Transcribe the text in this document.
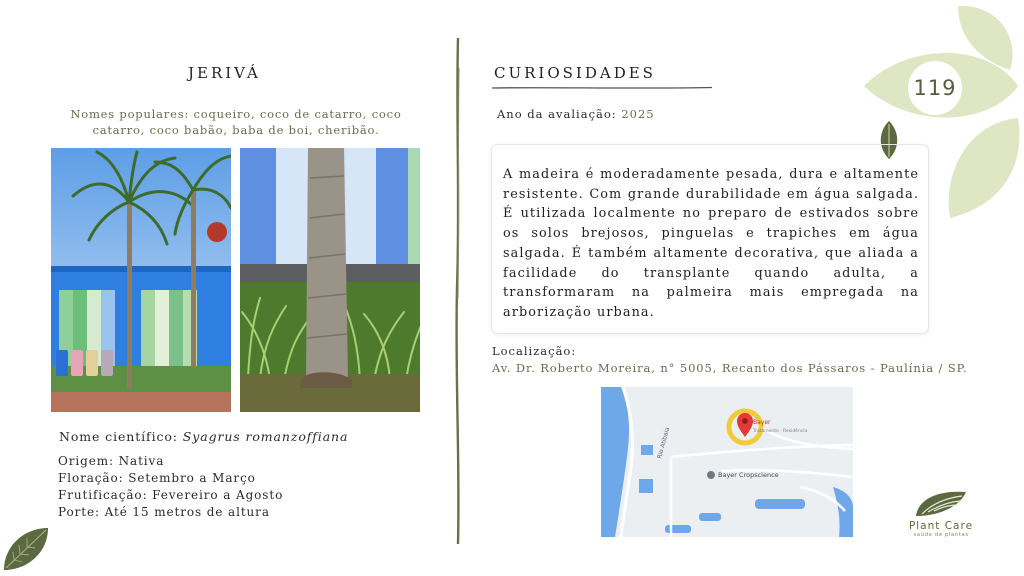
119
JERIVÁ
Nomes populares: coqueiro, coco de catarro, coco catarro, coco babão, baba de boi, cheribão.
Nome científico: Syagrus romanzoffiana
Origem: Nativa
Floração: Setembro a Março
Frutificação: Fevereiro a Agosto
Porte: Até 15 metros de altura
CURIOSIDADES
Ano da avaliação: 2025
A madeira é moderadamente pesada, dura e altamente resistente. Com grande durabilidade em água salgada. É utilizada localmente no preparo de estivados sobre os solos brejosos, pinguelas e trapiches em água salgada. É também altamente decorativa, que aliada a facilidade do transplante quando adulta, a transformaram na palmeira mais empregada na arborização urbana.
Localização:
Av. Dr. Roberto Moreira, n° 5005, Recanto dos Pássaros - Paulínia / SP.
Rio Atibaia
Bayer
Tratamento · Residência
Bayer Cropscience
Plant Care
saúde de plantas
